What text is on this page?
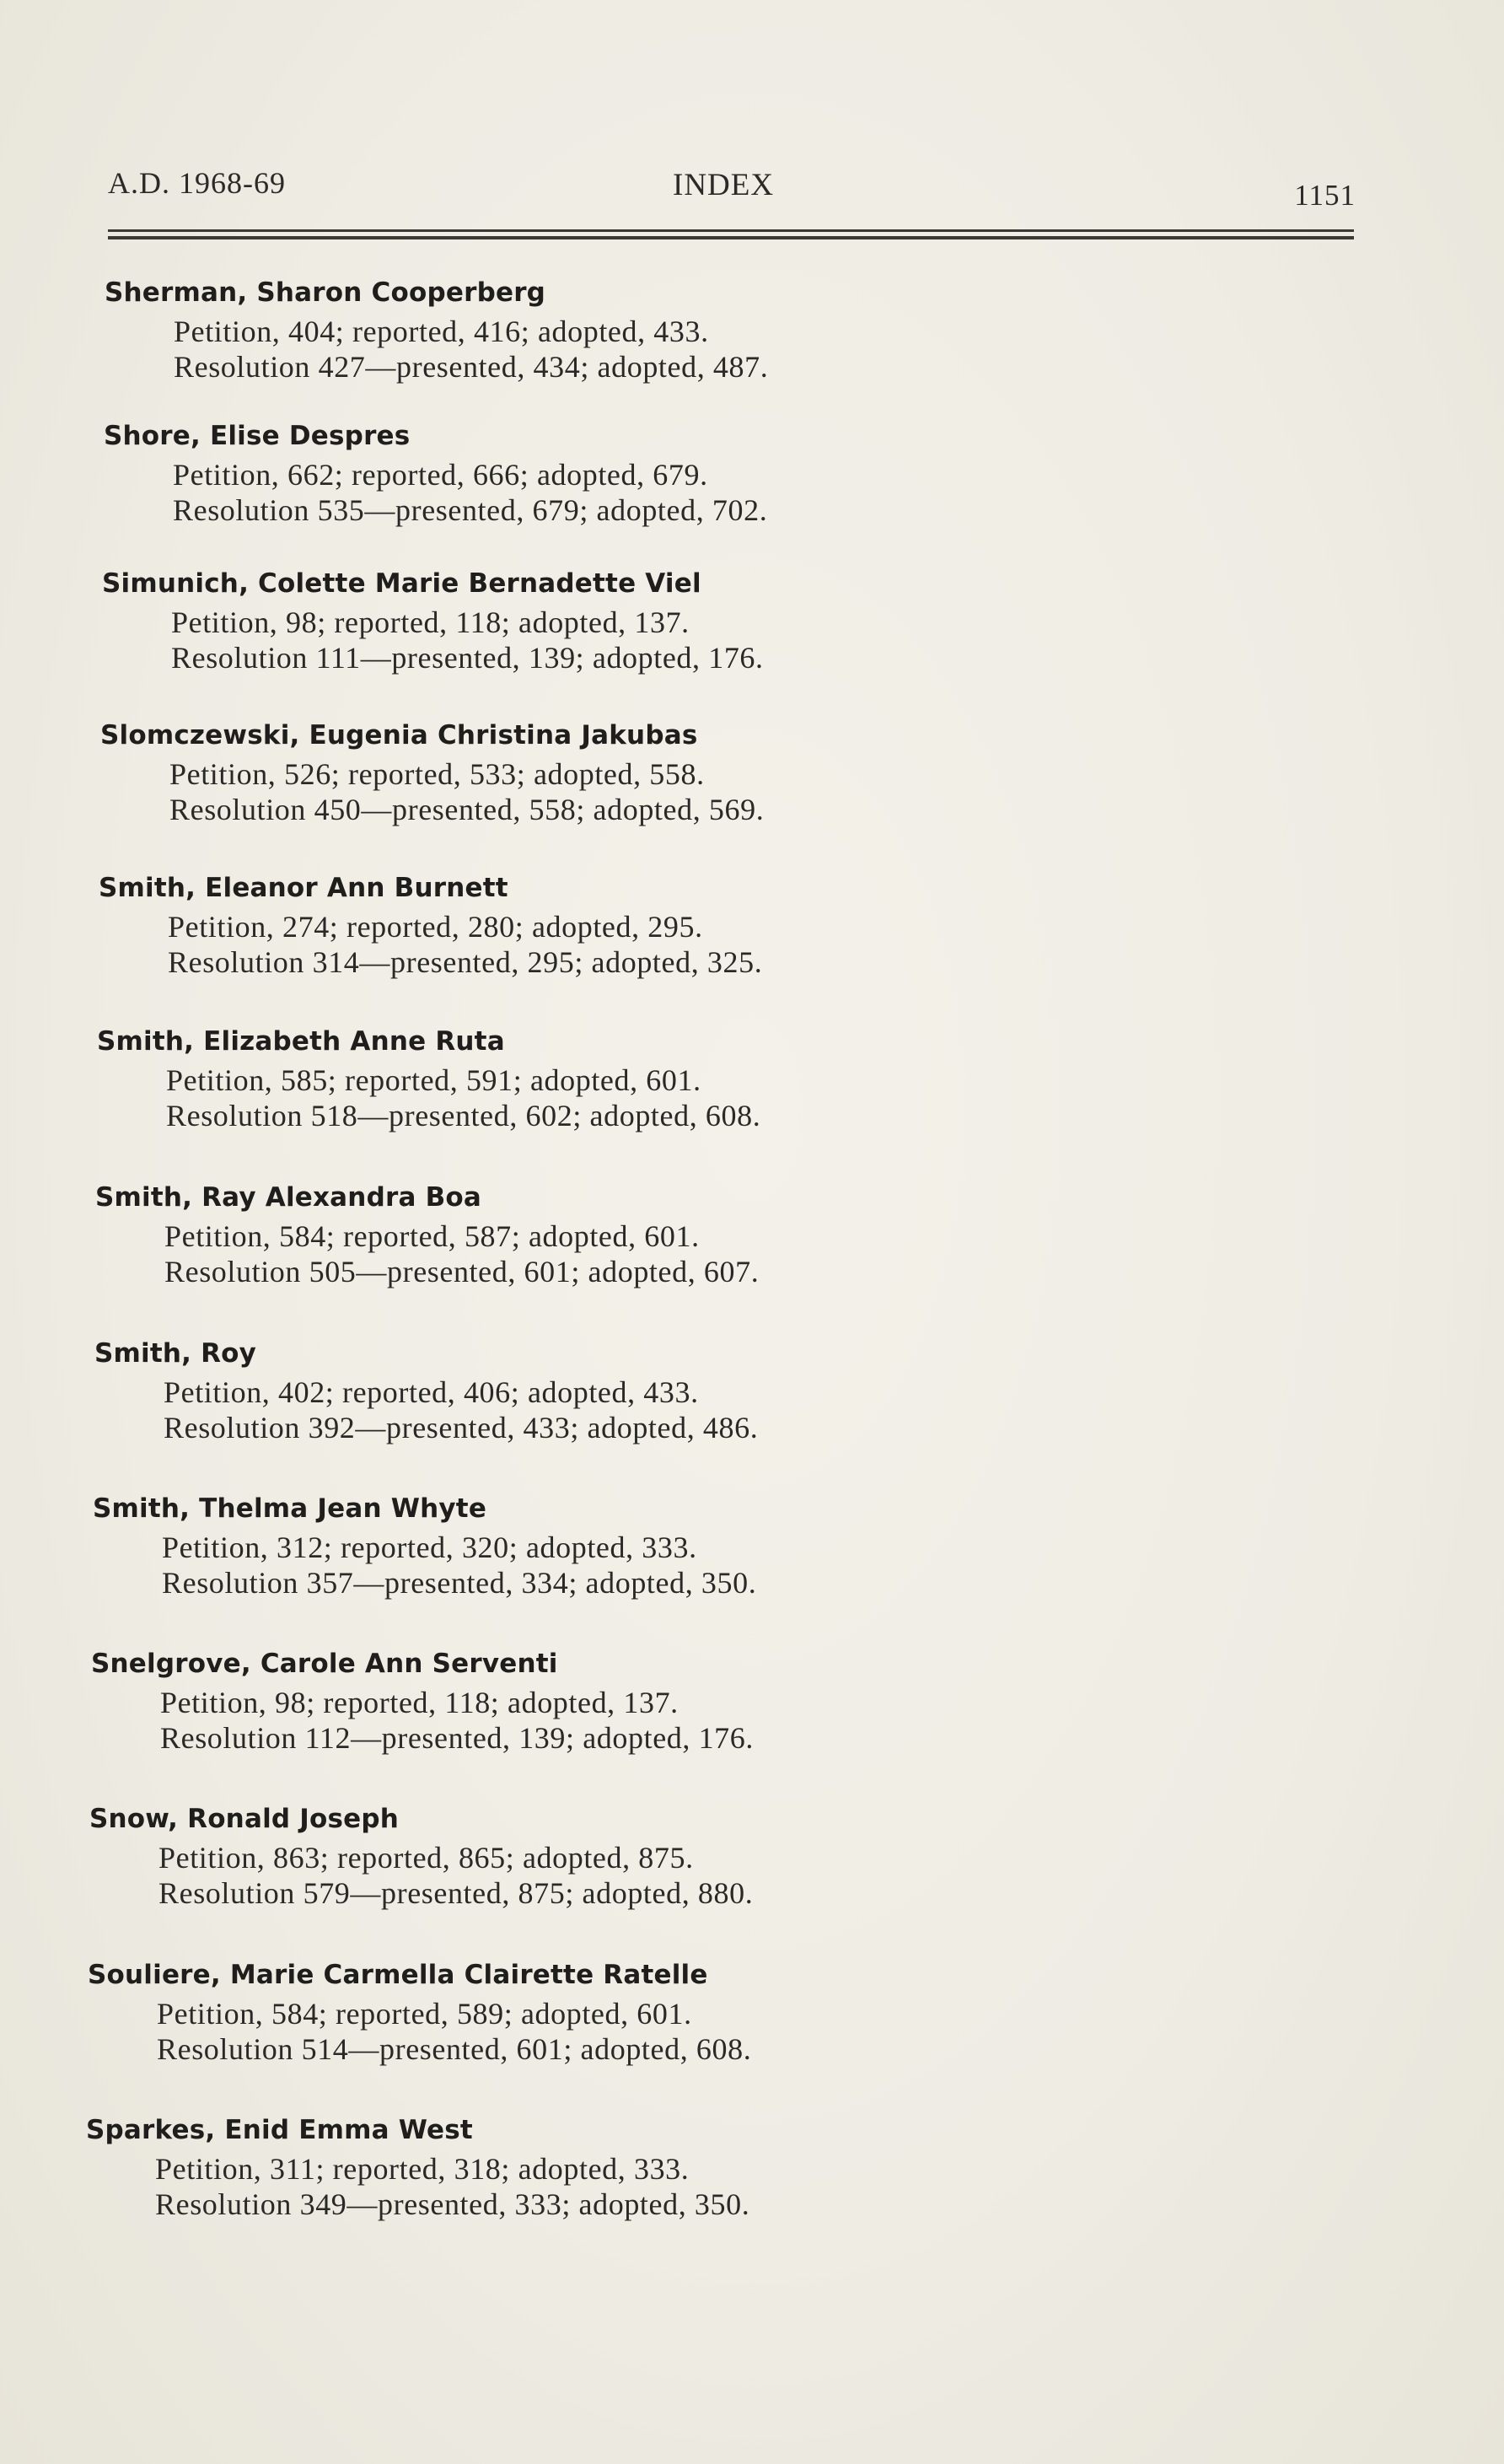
A.D. 1968-69	INDEX	1151
Sherman, Sharon Cooperberg
Petition, 404; reported, 416; adopted, 433.
Resolution 427—presented, 434; adopted, 487.
Shore, Elise Despres
Petition, 662; reported, 666; adopted, 679.
Resolution 535—presented, 679; adopted, 702.
Simunich, Colette Marie Bernadette Viel
Petition, 98; reported, 118; adopted, 137.
Resolution 111—presented, 139; adopted, 176.
Slomczewski, Eugenia Christina Jakubas
Petition, 526; reported, 533; adopted, 558.
Resolution 450—presented, 558; adopted, 569.
Smith, Eleanor Ann Burnett
Petition, 274; reported, 280; adopted, 295.
Resolution 314—presented, 295; adopted, 325.
Smith, Elizabeth Anne Ruta
Petition, 585; reported, 591; adopted, 601.
Resolution 518—presented, 602; adopted, 608.
Smith, Ray Alexandra Boa
Petition, 584; reported, 587; adopted, 601.
Resolution 505—presented, 601; adopted, 607.
Smith, Roy
Petition, 402; reported, 406; adopted, 433.
Resolution 392—presented, 433; adopted, 486.
Smith, Thelma Jean Whyte
Petition, 312; reported, 320; adopted, 333.
Resolution 357—presented, 334; adopted, 350.
Snelgrove, Carole Ann Serventi
Petition, 98; reported, 118; adopted, 137.
Resolution 112—presented, 139; adopted, 176.
Snow, Ronald Joseph
Petition, 863; reported, 865; adopted, 875.
Resolution 579—presented, 875; adopted, 880.
Souliere, Marie Carmella Clairette Ratelle
Petition, 584; reported, 589; adopted, 601.
Resolution 514—presented, 601; adopted, 608.
Sparkes, Enid Emma West
Petition, 311; reported, 318; adopted, 333.
Resolution 349—presented, 333; adopted, 350.
